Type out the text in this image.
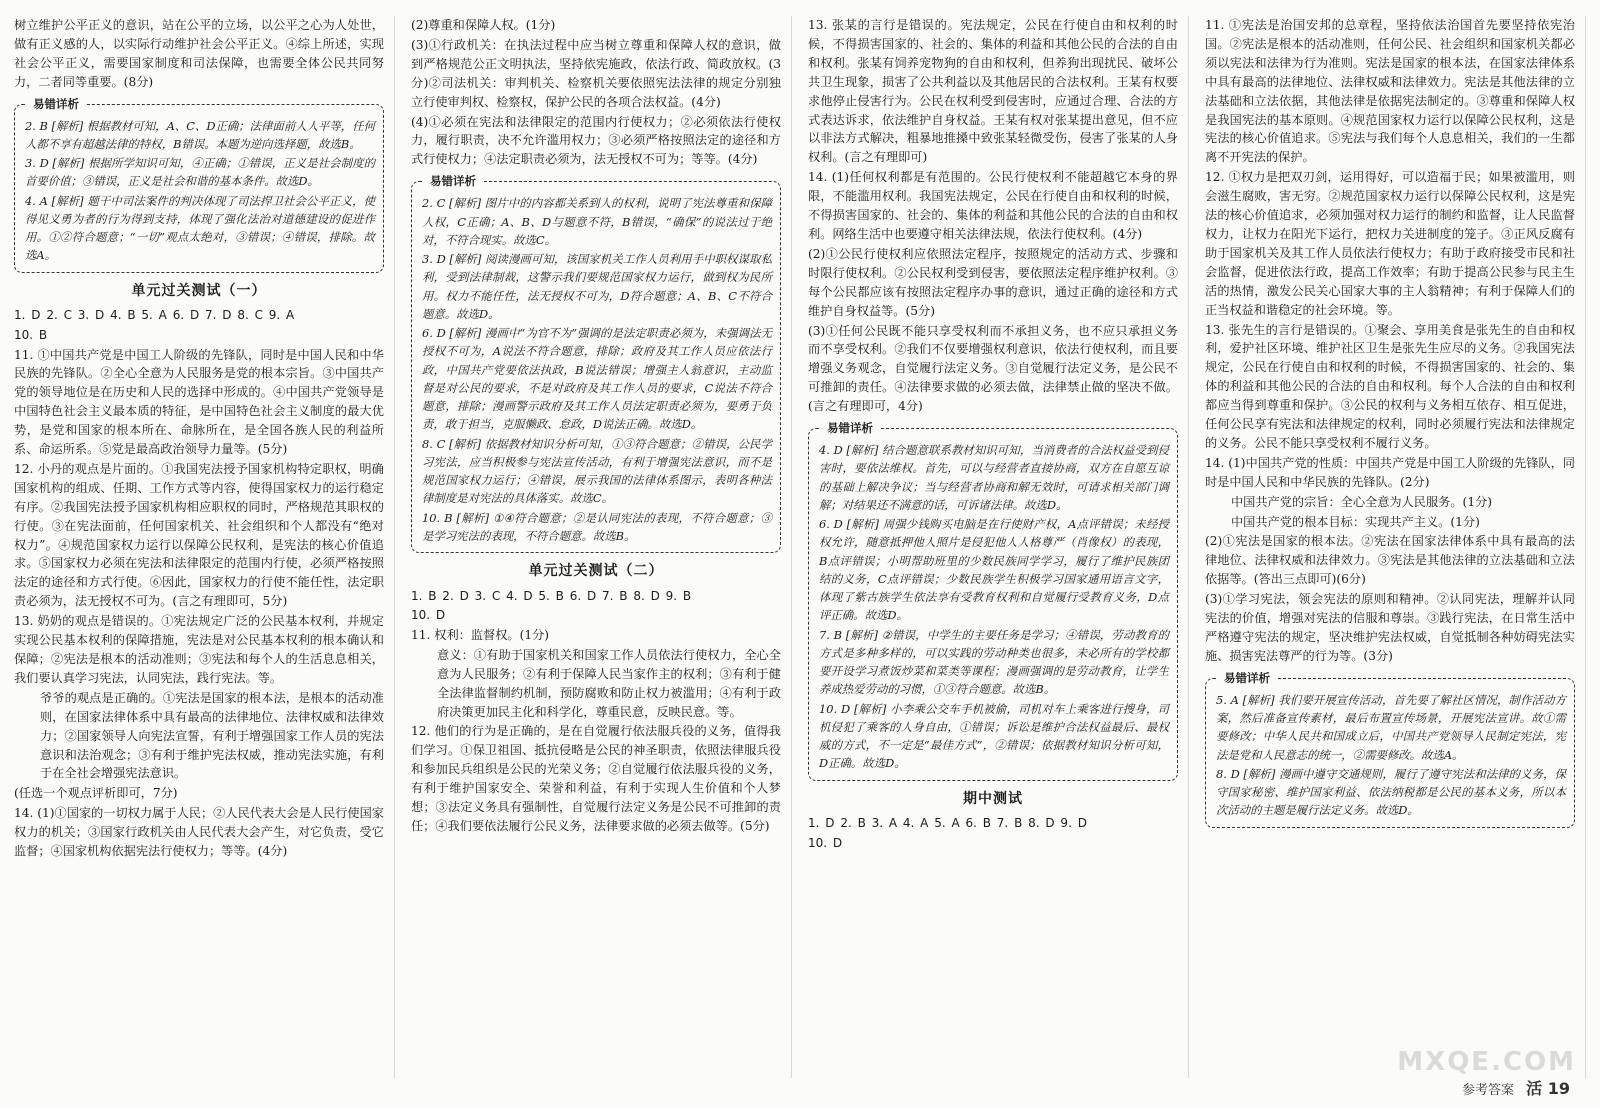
树立维护公平正义的意识，站在公平的立场，以公平之心为人处世，做有正义感的人，以实际行动维护社会公平正义。④综上所述，实现社会公平正义，需要国家制度和司法保障，也需要全体公民共同努力，二者同等重要。(8分)

易错详析

2. B [解析] 根据教材可知，A、C、D正确；法律面前人人平等，任何人都不享有超越法律的特权，B错误。本题为逆向选择题，故选B。

3. D [解析] 根据所学知识可知，④正确；①错误，正义是社会制度的首要价值；③错误，正义是社会和谐的基本条件。故选D。

4. A [解析] 题干中司法案件的判决体现了司法捍卫社会公平正义，使得见义勇为者的行为得到支持，体现了强化法治对道德建设的促进作用。①②符合题意；“一切”观点太绝对，③错误；④错误，排除。故选A。

单元过关测试（一）

1. D 2. C 3. D 4. B 5. A 6. D 7. D 8. C 9. A

10. B

11. ①中国共产党是中国工人阶级的先锋队，同时是中国人民和中华民族的先锋队。②全心全意为人民服务是党的根本宗旨。③中国共产党的领导地位是在历史和人民的选择中形成的。④中国共产党领导是中国特色社会主义最本质的特征，是中国特色社会主义制度的最大优势，是党和国家的根本所在、命脉所在，是全国各族人民的利益所系、命运所系。⑤党是最高政治领导力量等。(5分)

12. 小丹的观点是片面的。①我国宪法授予国家机构特定职权，明确国家机构的组成、任期、工作方式等内容，使得国家权力的运行稳定有序。②我国宪法授予国家机构相应职权的同时，严格规范其职权的行使。③在宪法面前，任何国家机关、社会组织和个人都没有“绝对权力”。④规范国家权力运行以保障公民权利，是宪法的核心价值追求。⑤国家权力必须在宪法和法律限定的范围内行使，必须严格按照法定的途径和方式行使。⑥因此，国家权力的行使不能任性，法定职责必须为，法无授权不可为。(言之有理即可，5分)

13. 奶奶的观点是错误的。①宪法规定广泛的公民基本权利，并规定实现公民基本权利的保障措施，宪法是对公民基本权利的根本确认和保障；②宪法是根本的活动准则；③宪法和每个人的生活息息相关，我们要认真学习宪法，认同宪法，践行宪法。等。

爷爷的观点是正确的。①宪法是国家的根本法，是根本的活动准则，在国家法律体系中具有最高的法律地位、法律权威和法律效力；②国家领导人向宪法宣誓，有利于增强国家工作人员的宪法意识和法治观念；③有利于维护宪法权威，推动宪法实施，有利于在全社会增强宪法意识。

(任选一个观点评析即可，7分)

14. (1)①国家的一切权力属于人民；②人民代表大会是人民行使国家权力的机关；③国家行政机关由人民代表大会产生，对它负责，受它监督；④国家机构依据宪法行使权力；等等。(4分)

(2)尊重和保障人权。(1分)

(3)①行政机关：在执法过程中应当树立尊重和保障人权的意识，做到严格规范公正文明执法，坚持依宪施政，依法行政、简政放权。(3分)②司法机关：审判机关、检察机关要依照宪法法律的规定分别独立行使审判权、检察权，保护公民的各项合法权益。(4分)

(4)①必须在宪法和法律限定的范围内行使权力；②必须依法行使权力，履行职责，决不允许滥用权力；③必须严格按照法定的途径和方式行使权力；④法定职责必须为，法无授权不可为；等等。(4分)

易错详析

2. C [解析] 图片中的内容都关系到人的权利，说明了宪法尊重和保障人权，C正确；A、B、D与题意不符，B错误，“确保”的说法过于绝对，不符合现实。故选C。

3. D [解析] 阅读漫画可知，该国家机关工作人员利用手中职权谋取私利，受到法律制裁，这警示我们要规范国家权力运行，做到权为民所用。权力不能任性，法无授权不可为，D符合题意；A、B、C不符合题意。故选D。

6. D [解析] 漫画中“为官不为”强调的是法定职责必须为，未强调法无授权不可为，A说法不符合题意，排除；政府及其工作人员应依法行政，中国共产党要依法执政，B说法错误；增强主人翁意识，主动监督是对公民的要求，不是对政府及其工作人员的要求，C说法不符合题意，排除；漫画警示政府及其工作人员法定职责必须为，要勇于负责，敢于担当，克服懒政、怠政，D说法正确。故选D。

8. C [解析] 依据教材知识分析可知，①③符合题意；②错误，公民学习宪法，应当积极参与宪法宣传活动，有利于增强宪法意识，而不是规范国家权力运行；④错误，展示我国的法律体系图示，表明各种法律制度是对宪法的具体落实。故选C。

10. B [解析] ①④符合题意；②是认同宪法的表现，不符合题意；③是学习宪法的表现，不符合题意。故选B。

单元过关测试（二）

1. B 2. D 3. C 4. D 5. B 6. D 7. B 8. D 9. B

10. D

11. 权利：监督权。(1分)

意义：①有助于国家机关和国家工作人员依法行使权力，全心全意为人民服务；②有利于保障人民当家作主的权利；③有利于健全法律监督制约机制，预防腐败和防止权力被滥用；④有利于政府决策更加民主化和科学化，尊重民意，反映民意。等。

12. 他们的行为是正确的，是在自觉履行依法服兵役的义务，值得我们学习。①保卫祖国、抵抗侵略是公民的神圣职责，依照法律服兵役和参加民兵组织是公民的光荣义务；②自觉履行依法服兵役的义务，有利于维护国家安全、荣誉和利益，有利于实现人生价值和个人梦想；③法定义务具有强制性，自觉履行法定义务是公民不可推卸的责任；④我们要依法履行公民义务，法律要求做的必须去做等。(5分)

13. 张某的言行是错误的。宪法规定，公民在行使自由和权利的时候，不得损害国家的、社会的、集体的利益和其他公民的合法的自由和权利。张某有饲养宠物狗的自由和权利，但养狗出现扰民、破坏公共卫生现象，损害了公共利益以及其他居民的合法权利。王某有权要求他停止侵害行为。公民在权利受到侵害时，应通过合理、合法的方式表达诉求，依法维护自身权益。王某有权对张某提出意见，但不应以非法方式解决，粗暴地推搡中致张某轻微受伤，侵害了张某的人身权利。(言之有理即可)

14. (1)任何权利都是有范围的。公民行使权利不能超越它本身的界限，不能滥用权利。我国宪法规定，公民在行使自由和权利的时候，不得损害国家的、社会的、集体的利益和其他公民的合法的自由和权利。网络生活中也要遵守相关法律法规，依法行使权利。(4分)

(2)①公民行使权利应依照法定程序，按照规定的活动方式、步骤和时限行使权利。②公民权利受到侵害，要依照法定程序维护权利。③每个公民都应该有按照法定程序办事的意识，通过正确的途径和方式维护自身权益等。(5分)

(3)①任何公民既不能只享受权利而不承担义务，也不应只承担义务而不享受权利。②我们不仅要增强权利意识，依法行使权利，而且要增强义务观念，自觉履行法定义务。③自觉履行法定义务，是公民不可推卸的责任。④法律要求做的必须去做，法律禁止做的坚决不做。(言之有理即可，4分)

易错详析

4. D [解析] 结合题意联系教材知识可知，当消费者的合法权益受到侵害时，要依法维权。首先，可以与经营者直接协商，双方在自愿互谅的基础上解决争议；当与经营者协商和解无效时，可请求相关部门调解；对结果还不满意的话，可诉诸法律。故选D。

6. D [解析] 周强少钱购买电脑是在行使财产权，A点评错误；未经授权允许，随意抵押他人照片是侵犯他人人格尊严（肖像权）的表现，B点评错误；小明帮助班里的少数民族同学学习，履行了维护民族团结的义务，C点评错误；少数民族学生积极学习国家通用语言文字，体现了紫古族学生依法享有受教育权利和自觉履行受教育义务，D点评正确。故选D。

7. B [解析] ②错误，中学生的主要任务是学习；④错误，劳动教育的方式是多种多样的，可以实践的劳动种类也很多，未必所有的学校都要开设学习煮饭炒菜和菜类等课程；漫画强调的是劳动教育，让学生养成热爱劳动的习惯，①③符合题意。故选B。

10. D [解析] 小李乘公交车手机被偷，司机对车上乘客进行搜身，司机侵犯了乘客的人身自由，①错误；诉讼是维护合法权益最后、最权威的方式，不一定是“最佳方式”，②错误；依据教材知识分析可知，D正确。故选D。

期中测试

1. D 2. B 3. A 4. A 5. A 6. B 7. B 8. D 9. D

10. D

11. ①宪法是治国安邦的总章程，坚持依法治国首先要坚持依宪治国。②宪法是根本的活动准则，任何公民、社会组织和国家机关都必须以宪法和法律为行为准则。宪法是国家的根本法，在国家法律体系中具有最高的法律地位、法律权威和法律效力。宪法是其他法律的立法基础和立法依据，其他法律是依据宪法制定的。③尊重和保障人权是我国宪法的基本原则。④规范国家权力运行以保障公民权利，这是宪法的核心价值追求。⑤宪法与我们每个人息息相关，我们的一生都离不开宪法的保护。

12. ①权力是把双刃剑，运用得好，可以造福于民；如果被滥用，则会滋生腐败，害无穷。②规范国家权力运行以保障公民权利，这是宪法的核心价值追求，必须加强对权力运行的制约和监督，让人民监督权力，让权力在阳光下运行，把权力关进制度的笼子。③正风反腐有助于国家机关及其工作人员依法行使权力；有助于政府接受市民和社会监督，促进依法行政，提高工作效率；有助于提高公民参与民主生活的热情，激发公民关心国家大事的主人翁精神；有利于保障人们的正当权益和谐稳定的社会环境。等。

13. 张先生的言行是错误的。①聚会、享用美食是张先生的自由和权利，爱护社区环境、维护社区卫生是张先生应尽的义务。②我国宪法规定，公民在行使自由和权利的时候，不得损害国家的、社会的、集体的利益和其他公民的合法的自由和权利。每个人合法的自由和权利都应当得到尊重和保护。③公民的权利与义务相互依存、相互促进，任何公民享有宪法和法律规定的权利，同时必须履行宪法和法律规定的义务。公民不能只享受权利不履行义务。

14. (1)中国共产党的性质：中国共产党是中国工人阶级的先锋队，同时是中国人民和中华民族的先锋队。(2分)

中国共产党的宗旨：全心全意为人民服务。(1分)

中国共产党的根本目标：实现共产主义。(1分)

(2)①宪法是国家的根本法。②宪法在国家法律体系中具有最高的法律地位、法律权威和法律效力。③宪法是其他法律的立法基础和立法依据等。(答出三点即可)(6分)

(3)①学习宪法，领会宪法的原则和精神。②认同宪法，理解并认同宪法的价值，增强对宪法的信服和尊崇。③践行宪法，在日常生活中严格遵守宪法的规定，坚决维护宪法权威，自觉抵制各种妨碍宪法实施、损害宪法尊严的行为等。(3分)

易错详析

5. A [解析] 我们要开展宣传活动，首先要了解社区情况，制作活动方案，然后准备宣传素材，最后布置宣传场景，开展宪法宣讲。故①需要修改；中华人民共和国成立后，中国共产党领导人民制定宪法，宪法是党和人民意志的统一，②需要修改。故选A。

8. D [解析] 漫画中遵守交通规则，履行了遵守宪法和法律的义务，保守国家秘密、维护国家利益、依法纳税都是公民的基本义务，所以本次活动的主题是履行法定义务。故选D。

MXQE.COM
参考答案 活 19
